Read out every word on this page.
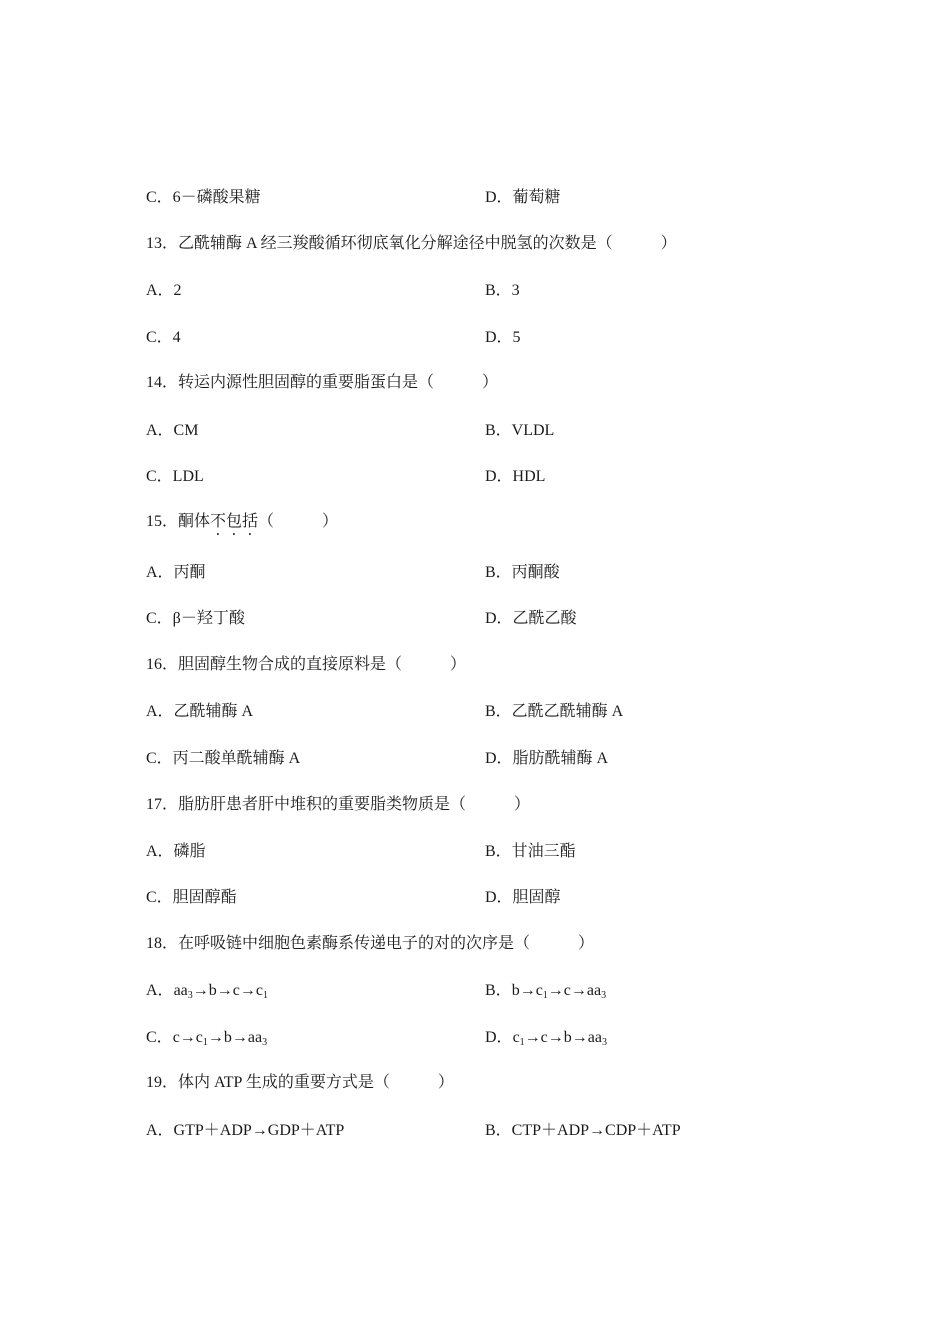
C．6－磷酸果糖	D．葡萄糖
13．乙酰辅酶 A 经三羧酸循环彻底氧化分解途径中脱氢的次数是（　　　）
A．2	B．3
C．4	D．5
14．转运内源性胆固醇的重要脂蛋白是（　　　）
A．CM	B．VLDL
C．LDL	D．HDL
15．酮体不包括（　　　）
A．丙酮	B．丙酮酸
C．β－羟丁酸	D．乙酰乙酸
16．胆固醇生物合成的直接原料是（　　　）
A．乙酰辅酶 A	B．乙酰乙酰辅酶 A
C．丙二酸单酰辅酶 A	D．脂肪酰辅酶 A
17．脂肪肝患者肝中堆积的重要脂类物质是（　　　）
A．磷脂	B．甘油三酯
C．胆固醇酯	D．胆固醇
18．在呼吸链中细胞色素酶系传递电子的对的次序是（　　　）
A．$aa_3\to b\to c\to c_1$	B．$b\to c_1\to c\to aa_3$
C．$c\to c_1\to b\to aa_3$	D．$c_1\to c\to b\to aa_3$
19．体内 ATP 生成的重要方式是（　　　）
A．GTP＋ADP→GDP＋ATP	B．CTP＋ADP→CDP＋ATP
